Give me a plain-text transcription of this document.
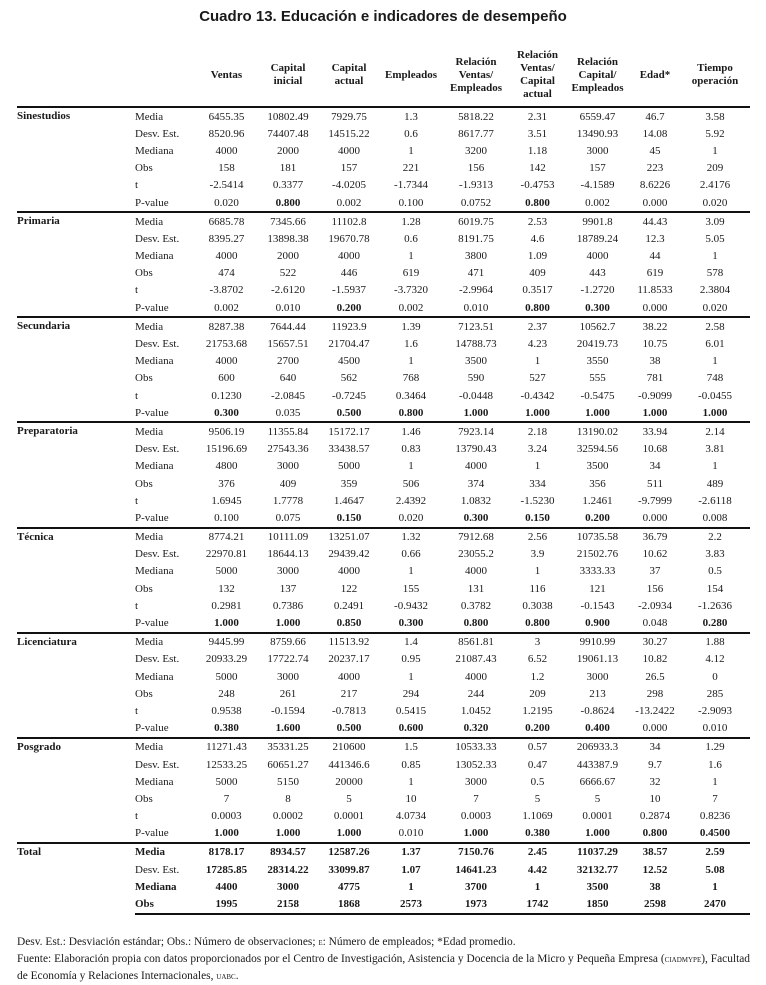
Cuadro 13. Educación e indicadores de desempeño
		Ventas	Capital inicial	Capital actual	Empleados	Relación Ventas/ Empleados	Relación Ventas/ Capital actual	Relación Capital/ Empleados	Edad*	Tiempo operación
Sinestudios	Media	6455.35	10802.49	7929.75	1.3	5818.22	2.31	6559.47	46.7	3.58
	Desv. Est.	8520.96	74407.48	14515.22	0.6	8617.77	3.51	13490.93	14.08	5.92
	Mediana	4000	2000	4000	1	3200	1.18	3000	45	1
	Obs	158	181	157	221	156	142	157	223	209
	t	-2.5414	0.3377	-4.0205	-1.7344	-1.9313	-0.4753	-4.1589	8.6226	2.4176
	P-value	0.020	0.800	0.002	0.100	0.0752	0.800	0.002	0.000	0.020
Primaria	Media	6685.78	7345.66	11102.8	1.28	6019.75	2.53	9901.8	44.43	3.09
	Desv. Est.	8395.27	13898.38	19670.78	0.6	8191.75	4.6	18789.24	12.3	5.05
	Mediana	4000	2000	4000	1	3800	1.09	4000	44	1
	Obs	474	522	446	619	471	409	443	619	578
	t	-3.8702	-2.6120	-1.5937	-3.7320	-2.9964	0.3517	-1.2720	11.8533	2.3804
	P-value	0.002	0.010	0.200	0.002	0.010	0.800	0.300	0.000	0.020
Secundaria	Media	8287.38	7644.44	11923.9	1.39	7123.51	2.37	10562.7	38.22	2.58
	Desv. Est.	21753.68	15657.51	21704.47	1.6	14788.73	4.23	20419.73	10.75	6.01
	Mediana	4000	2700	4500	1	3500	1	3550	38	1
	Obs	600	640	562	768	590	527	555	781	748
	t	0.1230	-2.0845	-0.7245	0.3464	-0.0448	-0.4342	-0.5475	-0.9099	-0.0455
	P-value	0.300	0.035	0.500	0.800	1.000	1.000	1.000	1.000	1.000
Preparatoria	Media	9506.19	11355.84	15172.17	1.46	7923.14	2.18	13190.02	33.94	2.14
	Desv. Est.	15196.69	27543.36	33438.57	0.83	13790.43	3.24	32594.56	10.68	3.81
	Mediana	4800	3000	5000	1	4000	1	3500	34	1
	Obs	376	409	359	506	374	334	356	511	489
	t	1.6945	1.7778	1.4647	2.4392	1.0832	-1.5230	1.2461	-9.7999	-2.6118
	P-value	0.100	0.075	0.150	0.020	0.300	0.150	0.200	0.000	0.008
Técnica	Media	8774.21	10111.09	13251.07	1.32	7912.68	2.56	10735.58	36.79	2.2
	Desv. Est.	22970.81	18644.13	29439.42	0.66	23055.2	3.9	21502.76	10.62	3.83
	Mediana	5000	3000	4000	1	4000	1	3333.33	37	0.5
	Obs	132	137	122	155	131	116	121	156	154
	t	0.2981	0.7386	0.2491	-0.9432	0.3782	0.3038	-0.1543	-2.0934	-1.2636
	P-value	1.000	1.000	0.850	0.300	0.800	0.800	0.900	0.048	0.280
Licenciatura	Media	9445.99	8759.66	11513.92	1.4	8561.81	3	9910.99	30.27	1.88
	Desv. Est.	20933.29	17722.74	20237.17	0.95	21087.43	6.52	19061.13	10.82	4.12
	Mediana	5000	3000	4000	1	4000	1.2	3000	26.5	0
	Obs	248	261	217	294	244	209	213	298	285
	t	0.9538	-0.1594	-0.7813	0.5415	1.0452	1.2195	-0.8624	-13.2422	-2.9093
	P-value	0.380	1.600	0.500	0.600	0.320	0.200	0.400	0.000	0.010
Posgrado	Media	11271.43	35331.25	210600	1.5	10533.33	0.57	206933.3	34	1.29
	Desv. Est.	12533.25	60651.27	441346.6	0.85	13052.33	0.47	443387.9	9.7	1.6
	Mediana	5000	5150	20000	1	3000	0.5	6666.67	32	1
	Obs	7	8	5	10	7	5	5	10	7
	t	0.0003	0.0002	0.0001	4.0734	0.0003	1.1069	0.0001	0.2874	0.8236
	P-value	1.000	1.000	1.000	0.010	1.000	0.380	1.000	0.800	0.4500
Total	Media	8178.17	8934.57	12587.26	1.37	7150.76	2.45	11037.29	38.57	2.59
	Desv. Est.	17285.85	28314.22	33099.87	1.07	14641.23	4.42	32132.77	12.52	5.08
	Mediana	4400	3000	4775	1	3700	1	3500	38	1
	Obs	1995	2158	1868	2573	1973	1742	1850	2598	2470
Desv. Est.: Desviación estándar; Obs.: Número de observaciones; e: Número de empleados; *Edad promedio.
Fuente: Elaboración propia con datos proporcionados por el Centro de Investigación, Asistencia y Docencia de la Micro y Pequeña Empresa (ciadmype), Facultad de Economía y Relaciones Internacionales, uabc.
